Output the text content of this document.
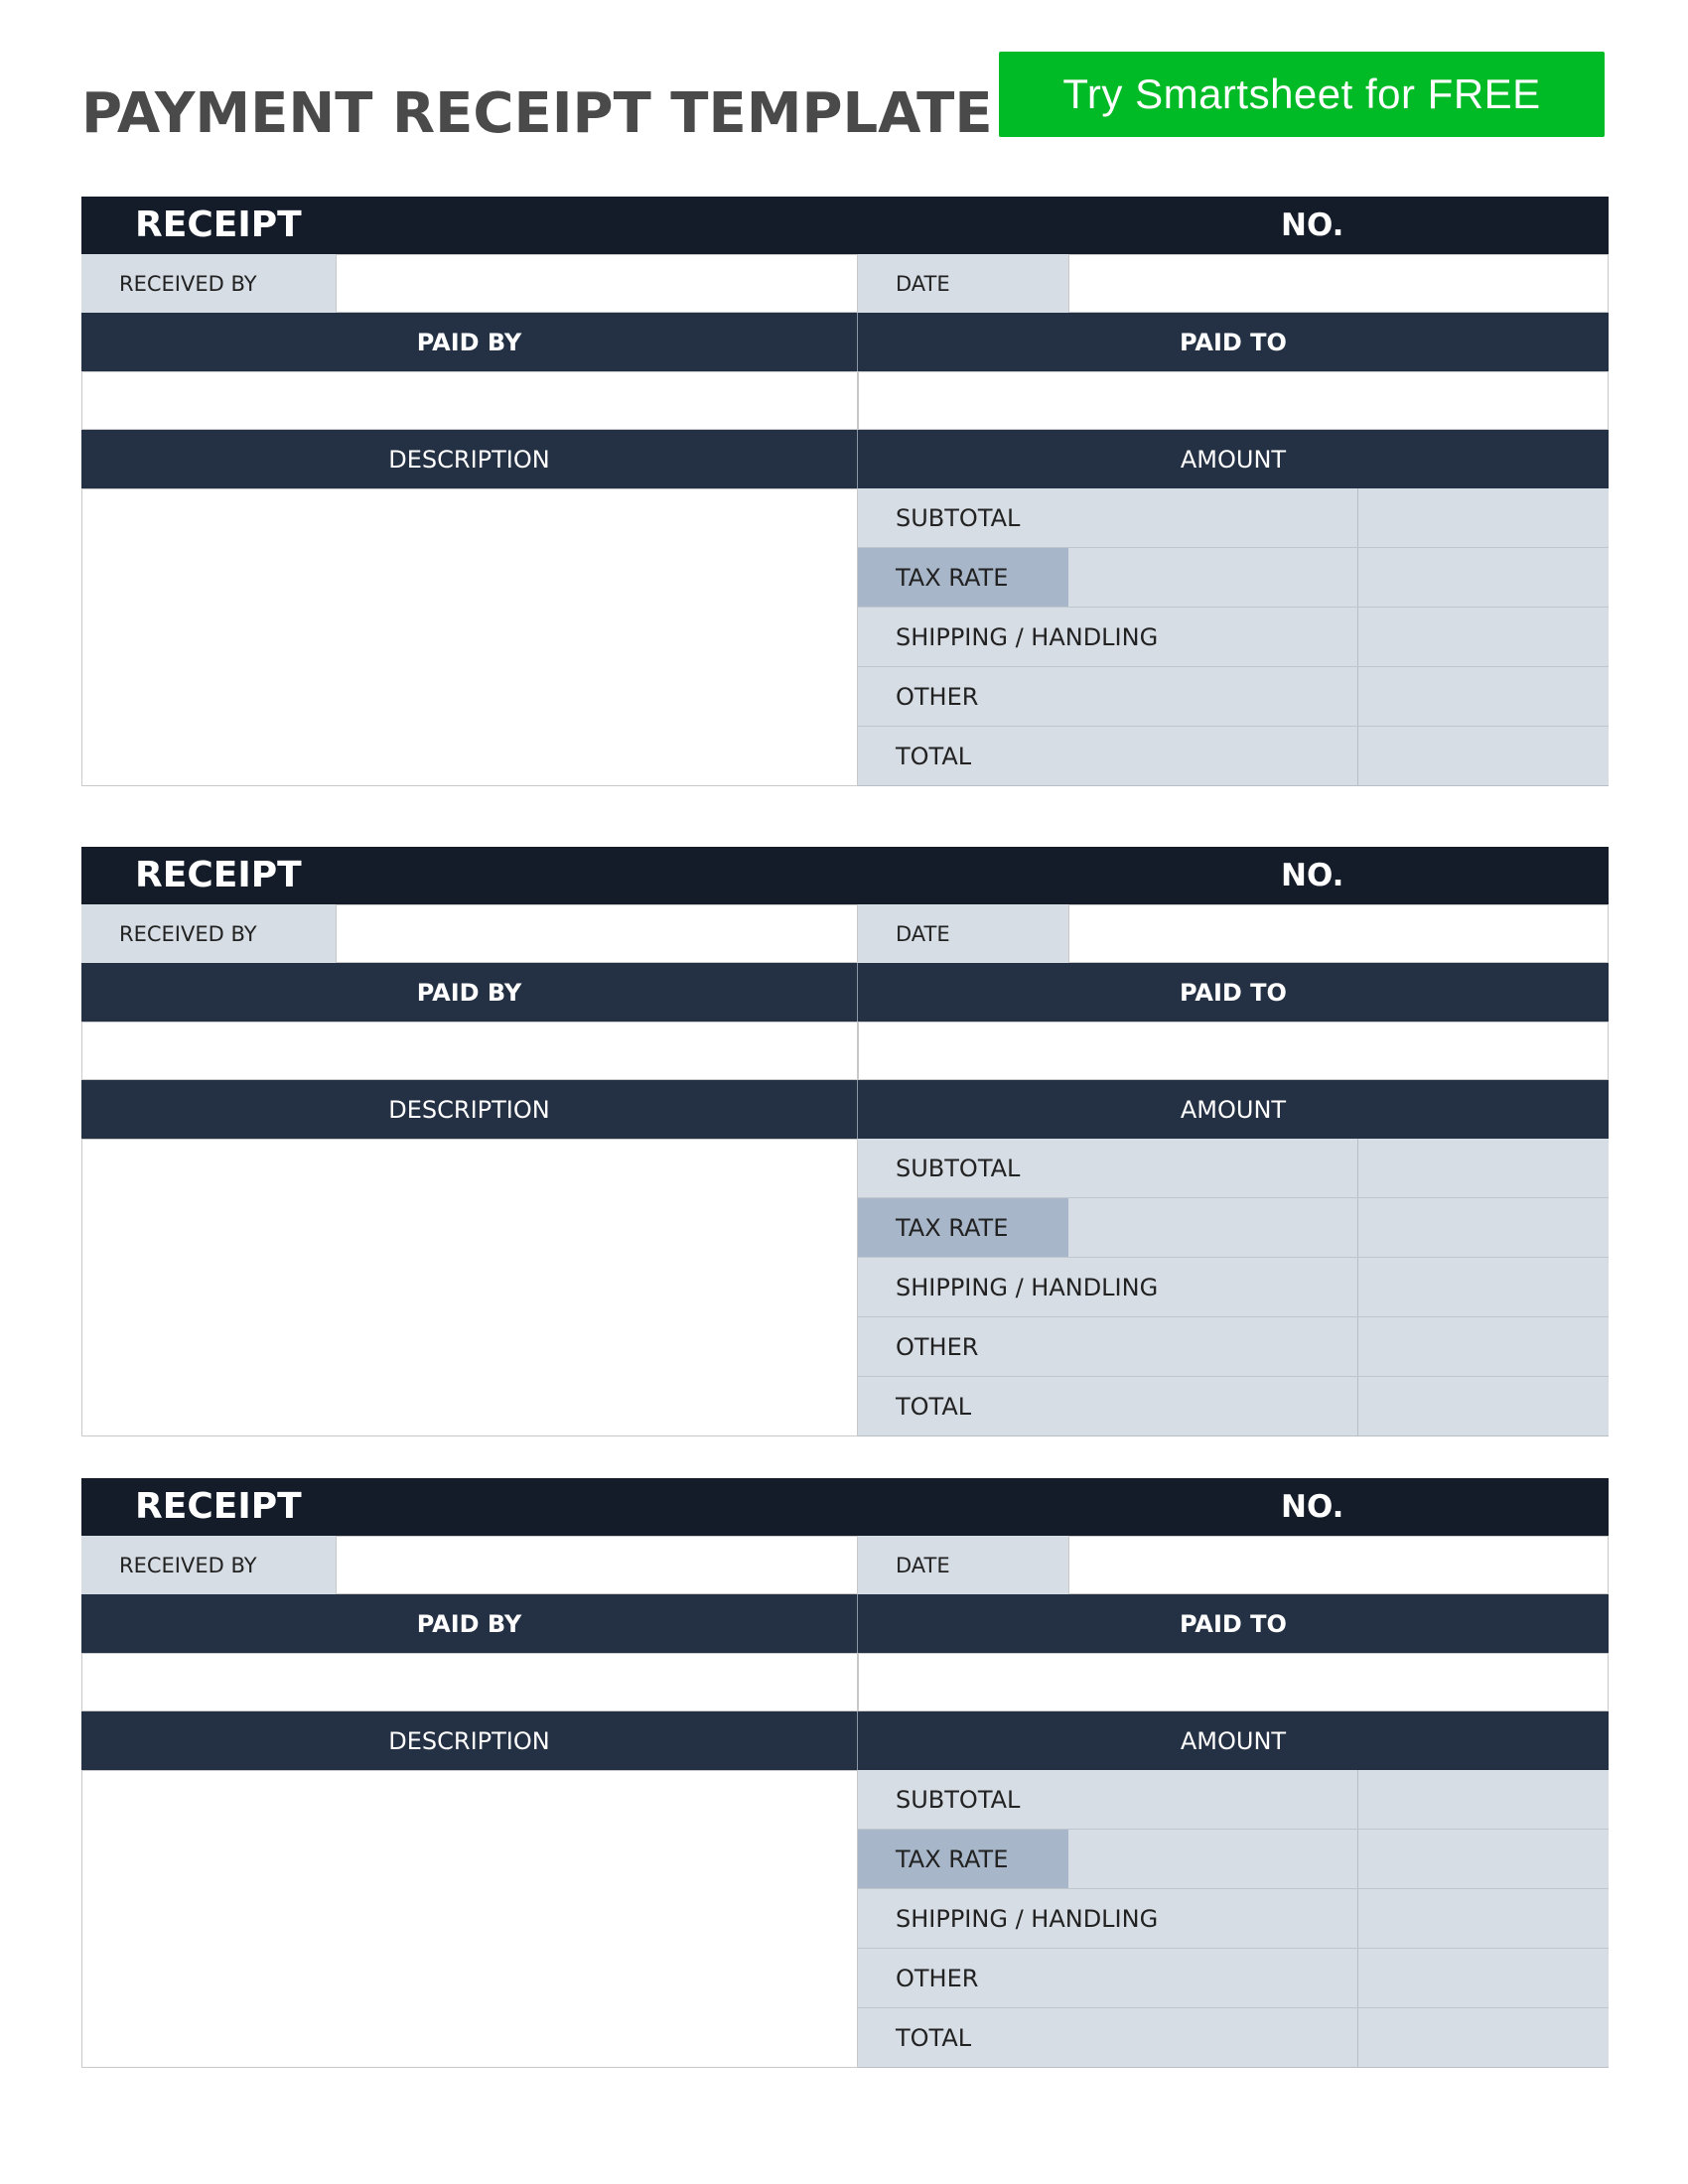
PAYMENT RECEIPT TEMPLATE	Try Smartsheet for FREE
RECEIPT	NO.
RECEIVED BY	DATE
PAID BY	PAID TO
DESCRIPTION	AMOUNT
SUBTOTAL
TAX RATE
SHIPPING / HANDLING
OTHER
TOTAL
RECEIPT	NO.
RECEIVED BY	DATE
PAID BY	PAID TO
DESCRIPTION	AMOUNT
SUBTOTAL
TAX RATE
SHIPPING / HANDLING
OTHER
TOTAL
RECEIPT	NO.
RECEIVED BY	DATE
PAID BY	PAID TO
DESCRIPTION	AMOUNT
SUBTOTAL
TAX RATE
SHIPPING / HANDLING
OTHER
TOTAL
